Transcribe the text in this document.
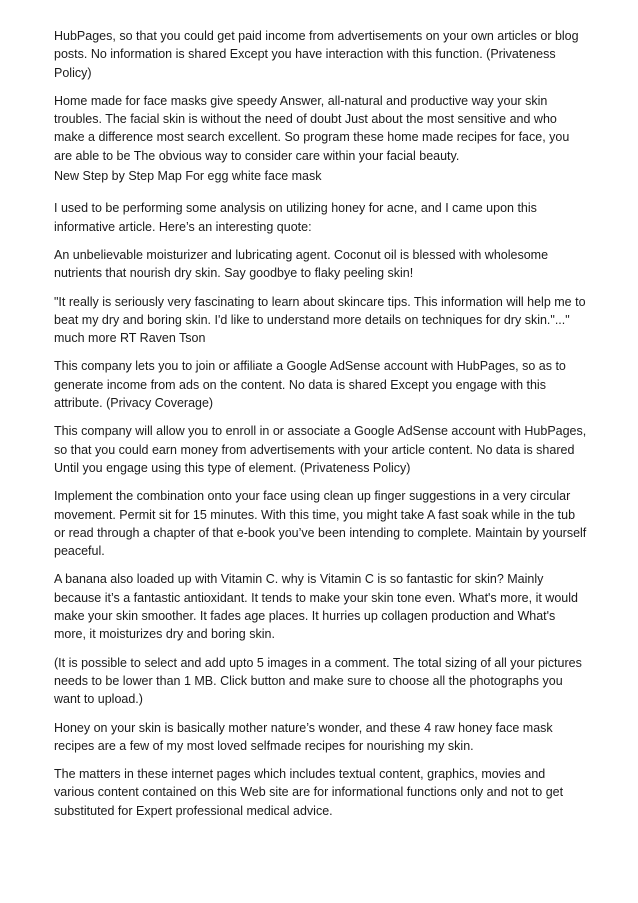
HubPages, so that you could get paid income from advertisements on your own articles or blog posts. No information is shared Except you have interaction with this function. (Privateness Policy)

Home made for face masks give speedy Answer, all-natural and productive way your skin troubles. The facial skin is without the need of doubt Just about the most sensitive and who make a difference most search excellent. So program these home made recipes for face, you are able to be The obvious way to consider care within your facial beauty.

New Step by Step Map For egg white face mask

I used to be performing some analysis on utilizing honey for acne, and I came upon this informative article. Here’s an interesting quote:

An unbelievable moisturizer and lubricating agent. Coconut oil is blessed with wholesome nutrients that nourish dry skin. Say goodbye to flaky peeling skin!

"It really is seriously very fascinating to learn about skincare tips. This information will help me to beat my dry and boring skin. I'd like to understand more details on techniques for dry skin."..." much more RT Raven Tson

This company lets you to join or affiliate a Google AdSense account with HubPages, so as to generate income from ads on the content. No data is shared Except you engage with this attribute. (Privacy Coverage)

This company will allow you to enroll in or associate a Google AdSense account with HubPages, so that you could earn money from advertisements with your article content. No data is shared Until you engage using this type of element. (Privateness Policy)

Implement the combination onto your face using clean up finger suggestions in a very circular movement. Permit sit for 15 minutes. With this time, you might take A fast soak while in the tub or read through a chapter of that e-book you’ve been intending to complete. Maintain by yourself peaceful.

A banana also loaded up with Vitamin C. why is Vitamin C is so fantastic for skin? Mainly because it’s a fantastic antioxidant. It tends to make your skin tone even. What's more, it would make your skin smoother. It fades age places. It hurries up collagen production and What's more, it moisturizes dry and boring skin.

(It is possible to select and add upto 5 images in a comment. The total sizing of all your pictures needs to be lower than 1 MB. Click button and make sure to choose all the photographs you want to upload.)

Honey on your skin is basically mother nature’s wonder, and these 4 raw honey face mask recipes are a few of my most loved selfmade recipes for nourishing my skin.

The matters in these internet pages which includes textual content, graphics, movies and various content contained on this Web site are for informational functions only and not to get substituted for Expert professional medical advice.
